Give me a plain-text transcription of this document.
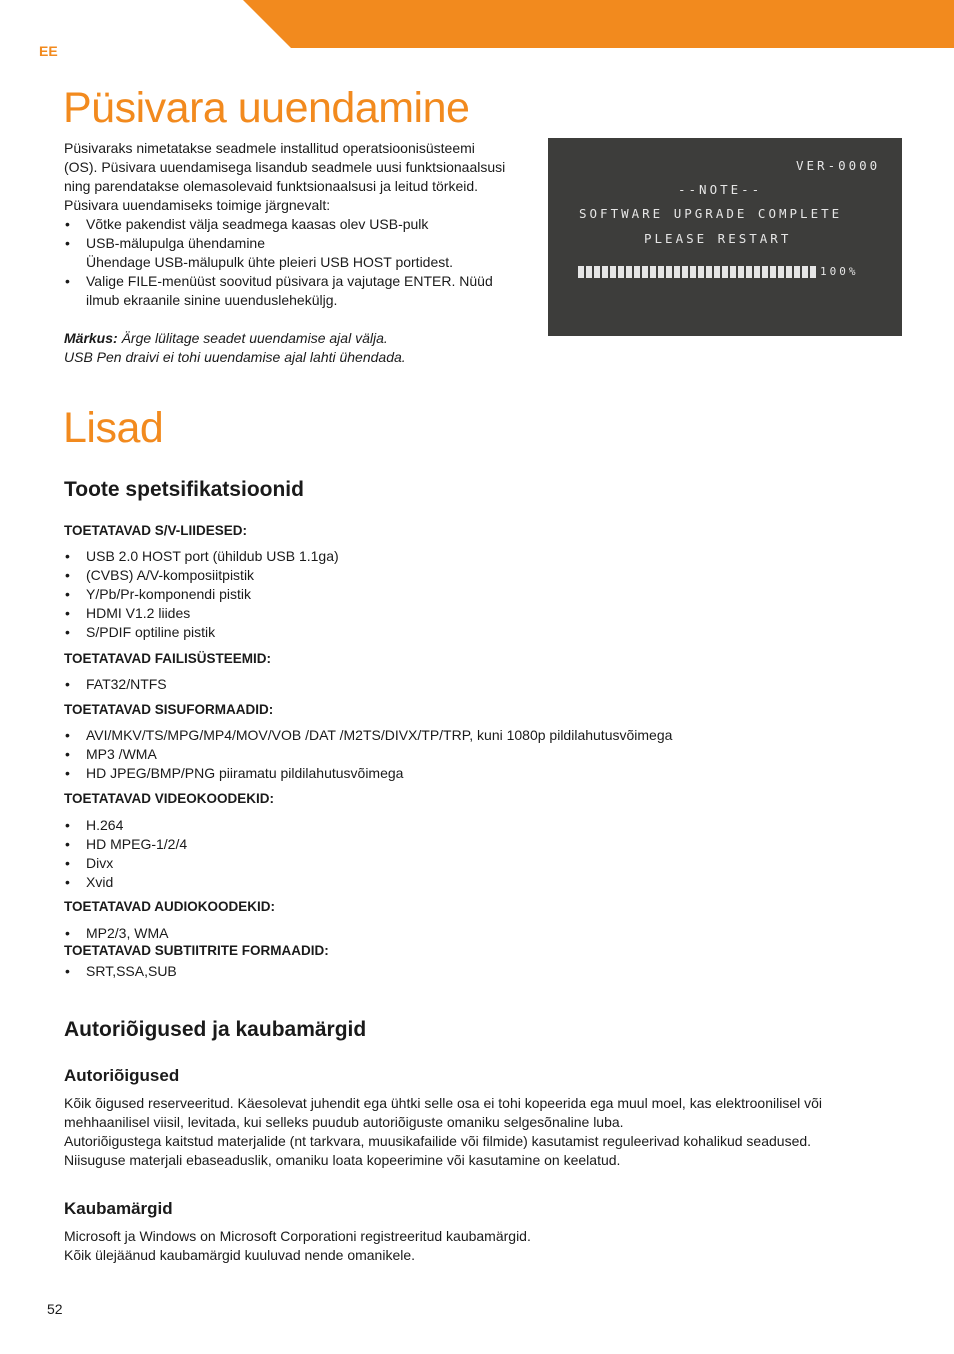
EE
Püsivara uuendamine
Püsivaraks nimetatakse seadmele installitud operatsioonisüsteemi
(OS). Püsivara uuendamisega lisandub seadmele uusi funktsionaalsusi
ning parendatakse olemasolevaid funktsionaalsusi ja leitud törkeid.
Püsivara uuendamiseks toimige järgnevalt:
• Võtke pakendist välja seadmega kaasas olev USB-pulk
• USB-mälupulga ühendamine
Ühendage USB-mälupulk ühte pleieri USB HOST portidest.
• Valige FILE-menüüst soovitud püsivara ja vajutage ENTER. Nüüd
ilmub ekraanile sinine uuendusleheküljg.
Märkus: Ärge lülitage seadet uuendamise ajal välja.
USB Pen draivi ei tohi uuendamise ajal lahti ühendada.
VER-0000
--NOTE--
SOFTWARE UPGRADE COMPLETE
PLEASE RESTART
100%
Lisad
Toote spetsifikatsioonid
TOETATAVAD S/V-LIIDESED:
• USB 2.0 HOST port (ühildub USB 1.1ga)
• (CVBS) A/V-komposiitpistik
• Y/Pb/Pr-komponendi pistik
• HDMI V1.2 liides
• S/PDIF optiline pistik
TOETATAVAD FAILISÜSTEEMID:
• FAT32/NTFS
TOETATAVAD SISUFORMAADID:
• AVI/MKV/TS/MPG/MP4/MOV/VOB /DAT /M2TS/DIVX/TP/TRP, kuni 1080p pildilahutusvõimega
• MP3 /WMA
• HD JPEG/BMP/PNG piiramatu pildilahutusvõimega
TOETATAVAD VIDEOKOODEKID:
• H.264
• HD MPEG-1/2/4
• Divx
• Xvid
TOETATAVAD AUDIOKOODEKID:
• MP2/3, WMA
TOETATAVAD SUBTIITRITE FORMAADID:
• SRT,SSA,SUB
Autoriõigused ja kaubamärgid
Autoriõigused
Kõik õigused reserveeritud. Käesolevat juhendit ega ühtki selle osa ei tohi kopeerida ega muul moel, kas elektroonilisel või
mehhaanilisel viisil, levitada, kui selleks puudub autoriõiguste omaniku selgesõnaline luba.
Autoriõigustega kaitstud materjalide (nt tarkvara, muusikafailide või filmide) kasutamist reguleerivad kohalikud seadused.
Niisuguse materjali ebaseaduslik, omaniku loata kopeerimine või kasutamine on keelatud.
Kaubamärgid
Microsoft ja Windows on Microsoft Corporationi registreeritud kaubamärgid.
Kõik ülejäänud kaubamärgid kuuluvad nende omanikele.
52
